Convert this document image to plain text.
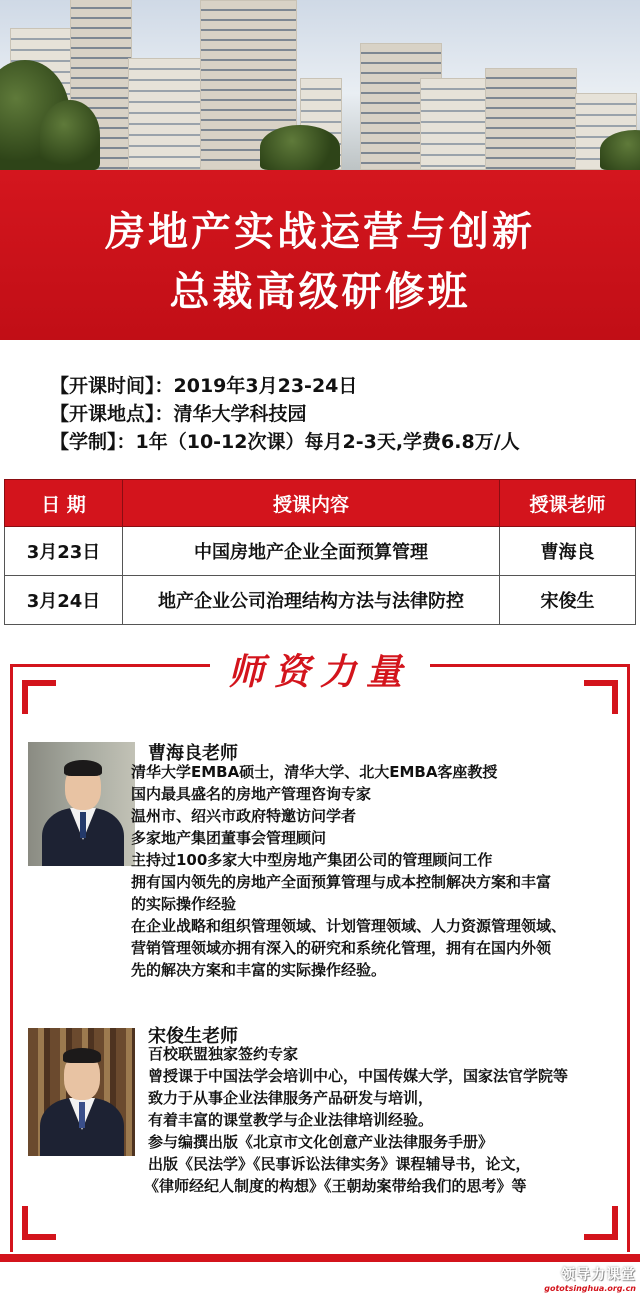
房地产实战运营与创新
总裁高级研修班
【开课时间】：2019年3月23-24日
【开课地点】：清华大学科技园
【学制】：1年（10-12次课）每月2-3天,学费6.8万/人
日 期	授课内容	授课老师
3月23日	中国房地产企业全面预算管理	曹海良
3月24日	地产企业公司治理结构方法与法律防控	宋俊生
师资力量
曹海良老师
清华大学EMBA硕士，清华大学、北大EMBA客座教授
国内最具盛名的房地产管理咨询专家
温州市、绍兴市政府特邀访问学者
多家地产集团董事会管理顾问
主持过100多家大中型房地产集团公司的管理顾问工作
拥有国内领先的房地产全面预算管理与成本控制解决方案和丰富
的实际操作经验
在企业战略和组织管理领域、计划管理领域、人力资源管理领域、
营销管理领域亦拥有深入的研究和系统化管理，拥有在国内外领
先的解决方案和丰富的实际操作经验。
宋俊生老师
百校联盟独家签约专家
曾授课于中国法学会培训中心，中国传媒大学，国家法官学院等
致力于从事企业法律服务产品研发与培训，
有着丰富的课堂教学与企业法律培训经验。
参与编撰出版《北京市文化创意产业法律服务手册》
出版《民法学》《民事诉讼法律实务》课程辅导书，论文，
《律师经纪人制度的构想》《王朝劫案带给我们的思考》等
领导力课堂
gototsinghua.org.cn
